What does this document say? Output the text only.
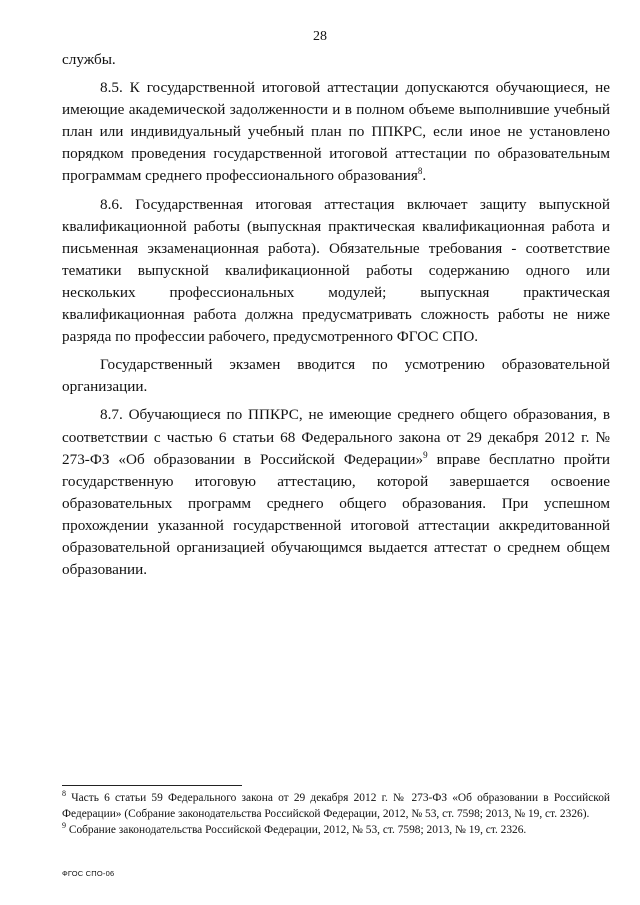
28

службы.

8.5. К государственной итоговой аттестации допускаются обучающиеся, не имеющие академической задолженности и в полном объеме выполнившие учебный план или индивидуальный учебный план по ППКРС, если иное не установлено порядком проведения государственной итоговой аттестации по образовательным программам среднего профессионального образования$^8$.

8.6. Государственная итоговая аттестация включает защиту выпускной квалификационной работы (выпускная практическая квалификационная работа и письменная экзаменационная работа). Обязательные требования - соответствие тематики выпускной квалификационной работы содержанию одного или нескольких профессиональных модулей; выпускная практическая квалификационная работа должна предусматривать сложность работы не ниже разряда по профессии рабочего, предусмотренного ФГОС СПО.

Государственный экзамен вводится по усмотрению образовательной организации.

8.7. Обучающиеся по ППКРС, не имеющие среднего общего образования, в соответствии с частью 6 статьи 68 Федерального закона от 29 декабря 2012 г. № 273-ФЗ «Об образовании в Российской Федерации»$^9$ вправе бесплатно пройти государственную итоговую аттестацию, которой завершается освоение образовательных программ среднего общего образования. При успешном прохождении указанной государственной итоговой аттестации аккредитованной образовательной организацией обучающимся выдается аттестат о среднем общем образовании.

$^8$ Часть 6 статьи 59 Федерального закона от 29 декабря 2012 г. № 273-ФЗ «Об образовании в Российской Федерации» (Собрание законодательства Российской Федерации, 2012, № 53, ст. 7598; 2013, № 19, ст. 2326).

$^9$ Собрание законодательства Российской Федерации, 2012, № 53, ст. 7598; 2013, № 19, ст. 2326.

ФГОС СПО-06
